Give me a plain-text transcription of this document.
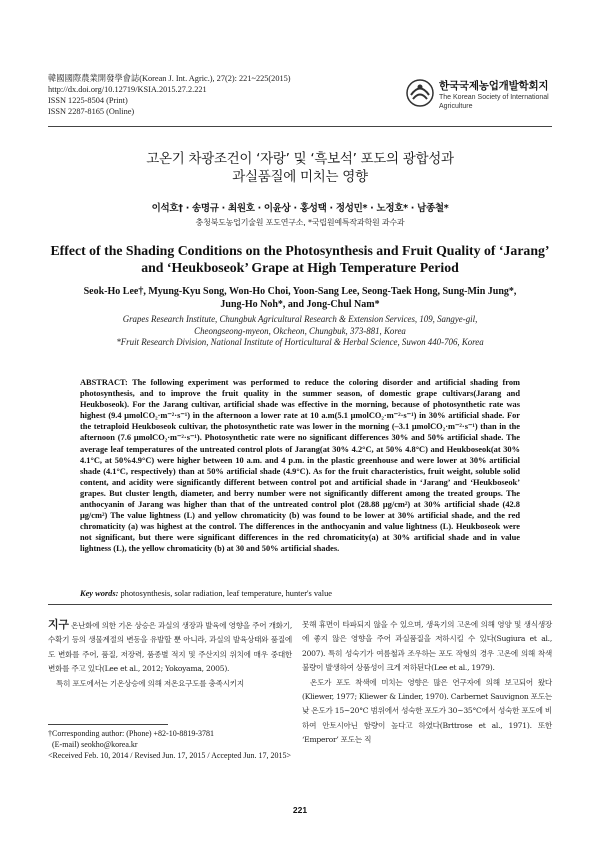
韓國國際農業開發學會誌(Korean J. Int. Agric.), 27(2): 221~225(2015)
http://dx.doi.org/10.12719/KSIA.2015.27.2.221
ISSN 1225-8504 (Print)
ISSN 2287-8165 (Online)
한국국제농업개발학회지
The Korean Society of International Agriculture
고온기 차광조건이 ‘자랑’ 및 ‘흑보석’ 포도의 광합성과
과실품질에 미치는 영향
이석호† · 송명규 · 최원호 · 이윤상 · 홍성택 · 정성민* · 노정호* · 남종철*
충청북도농업기술원 포도연구소, *국립원예특작과학원 과수과
Effect of the Shading Conditions on the Photosynthesis and Fruit Quality of ‘Jarang’
and ‘Heukboseok’ Grape at High Temperature Period
Seok-Ho Lee†, Myung-Kyu Song, Won-Ho Choi, Yoon-Sang Lee, Seong-Taek Hong, Sung-Min Jung*,
Jung-Ho Noh*, and Jong-Chul Nam*
Grapes Research Institute, Chungbuk Agricultural Research & Extension Services, 109, Sangye-gil,
Cheongseong-myeon, Okcheon, Chungbuk, 373-881, Korea
*Fruit Research Division, National Institute of Horticultural & Herbal Science, Suwon 440-706, Korea
ABSTRACT: The following experiment was performed to reduce the coloring disorder and artificial shading from photosynthesis, and to improve the fruit quality in the summer season, of domestic grape cultivars(Jarang and Heukboseok). For the Jarang cultivar, artificial shade was effective in the morning, because of photosynthetic rate was highest (9.4 μmolCO₂·m⁻²·s⁻¹) in the afternoon a lower rate at 10 a.m(5.1 μmolCO₂·m⁻²·s⁻¹) in 30% artificial shade. For the tetraploid Heukboseok cultivar, the photosynthetic rate was lower in the morning (–3.1 μmolCO₂·m⁻²·s⁻¹) than in the afternoon (7.6 μmolCO₂·m⁻²·s⁻¹). Photosynthetic rate were no significant differences 30% and 50% artificial shade. The average leaf temperatures of the untreated control plots of Jarang(at 30% 4.2°C, at 50% 4.8°C) and Heukboseok(at 30% 4.1°C, at 50%4.9°C) were higher between 10 a.m. and 4 p.m. in the plastic greenhouse and were lower at 30% artificial shade (4.1°C, respectively) than at 50% artificial shade (4.9°C). As for the fruit characteristics, fruit weight, soluble solid content, and acidity were significantly different between control pot and artificial shade in ‘Jarang’ and ‘Heukboseok’ grapes. But cluster length, diameter, and berry number were not significantly different among the treated groups. The anthocyanin of Jarang was higher than that of the untreated control plot (28.88 μg/cm²) at 30% artificial shade (42.8 μg/cm²) The value lightness (L) and yellow chromaticity (b) was found to be lower at 30% artificial shade, and the red chromaticity (a) was highest at the control. The differences in the anthocyanin and value lightness (L). Heukboseok were not significant, but there were significant differences in the red chromaticity(a) at 30% artificial shade and in value lightness (L), the yellow chromaticity (b) at 30 and 50% artificial shades.
Key words: photosynthesis, solar radiation, leaf temperature, hunter's value

지구 온난화에 의한 기온 상승은 과실의 생장과 발육에 영향을 주어 개화기, 수확기 등의 생물계절의 변동을 유발할 뿐 아니라, 과실의 발육상태와 품질에도 변화를 주어, 품질, 저장력, 품종별 적지 및 주산지의 위치에 매우 중대한 변화를 주고 있다(Lee et al., 2012; Yokoyama, 2005).

특히 포도에서는 기온상승에 의해 저온요구도를 충족시키지

못해 휴면이 타파되지 않을 수 있으며, 생육기의 고온에 의해 영양 및 생식생장에 좋지 않은 영향을 주어 과실품질을 저하시킬 수 있다(Sugiura et al., 2007). 특히 성숙기가 여름철과 조우하는 포도 작형의 경우 고온에 의해 착색불량이 발생하여 상품성이 크게 저하된다(Lee et al., 1979).

온도가 포도 착색에 미치는 영향은 많은 연구자에 의해 보고되어 왔다(Kliewer, 1977; Kliewer & Linder, 1970). Carbernet Sauvignon 포도는 낮 온도가 15~20°C 범위에서 성숙한 포도가 30~35°C에서 성숙한 포도에 비하여 안토시아닌 함량이 높다고 하였다(Brttrose et al., 1971). 또한 ‘Emperor’ 포도는 직

†Corresponding author: (Phone) +82-10-8819-3781
(E-mail) seokho@korea.kr
<Received Feb. 10, 2014 / Revised Jun. 17, 2015 / Accepted Jun. 17, 2015>
221
